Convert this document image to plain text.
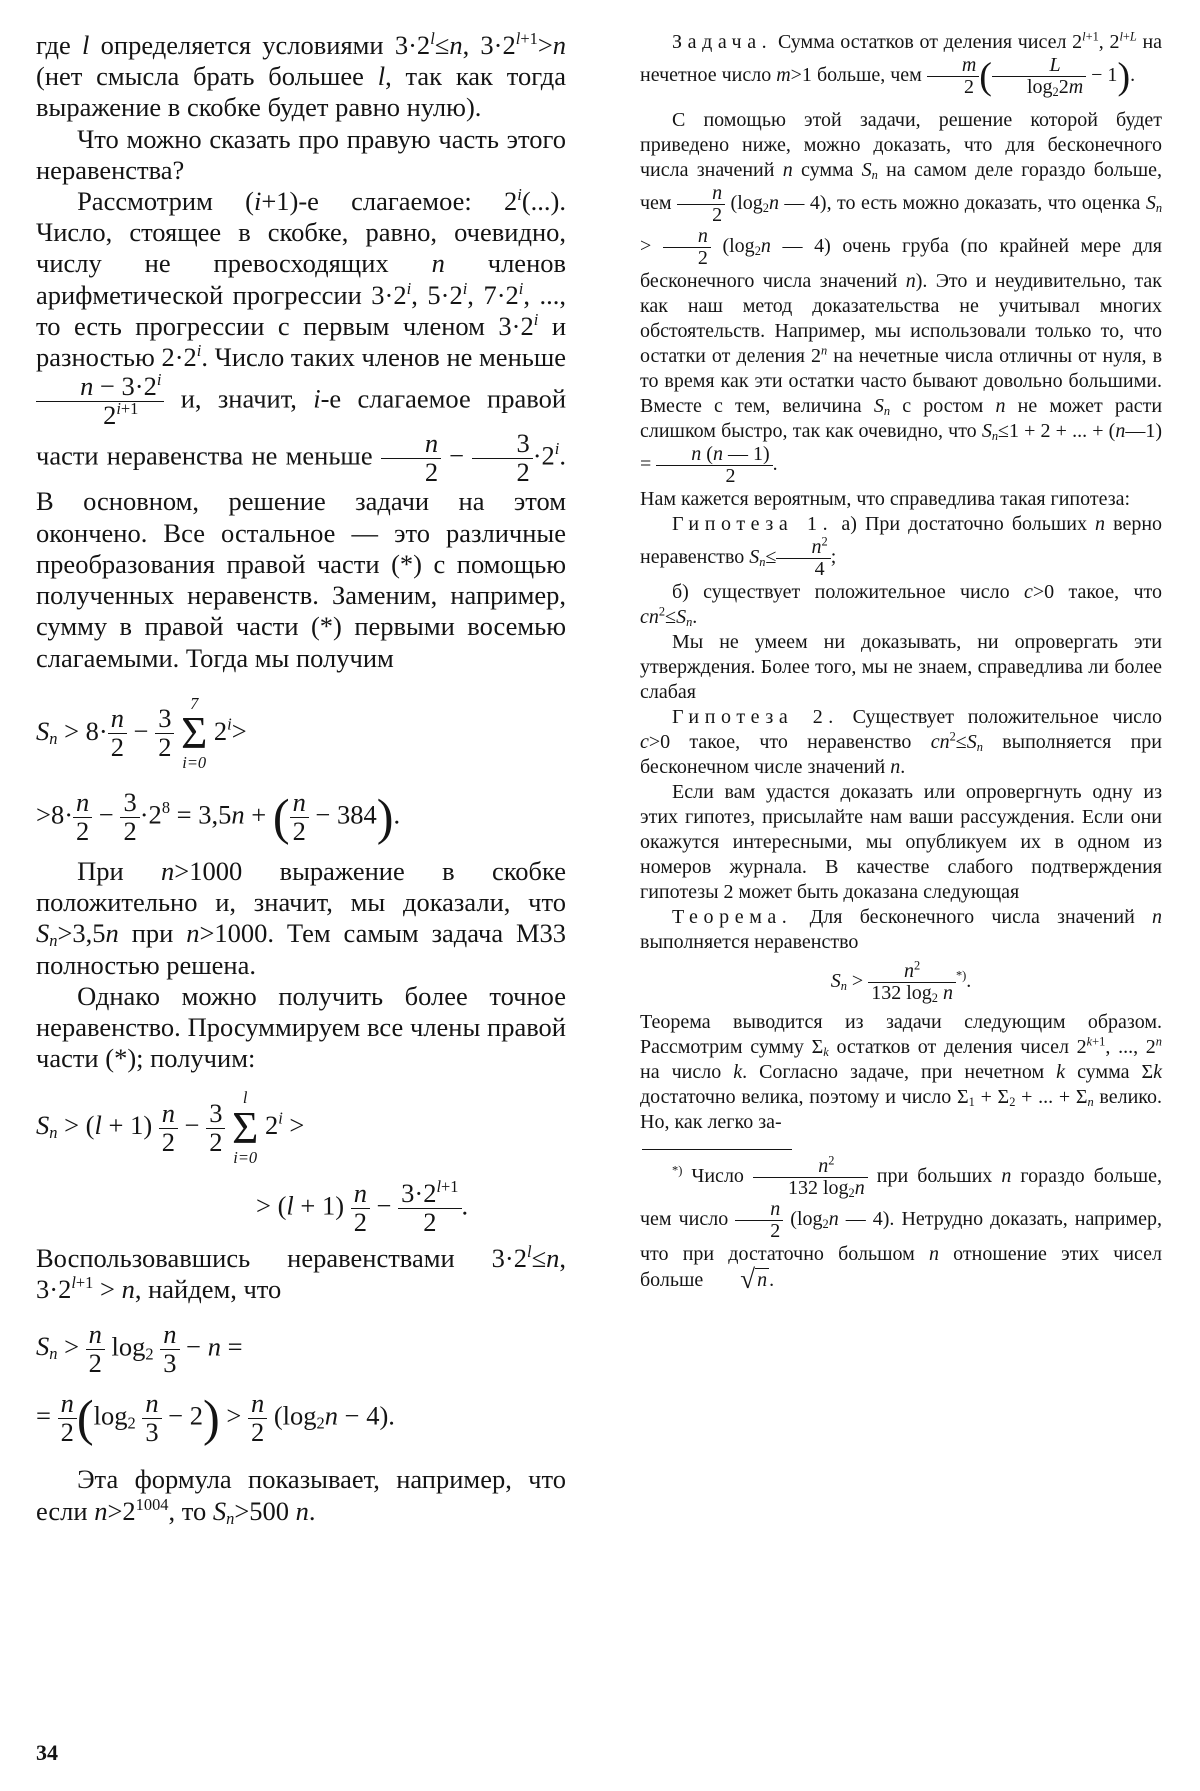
где l определяется условиями $3\cdot 2^l\le n$, $3\cdot 2^{l+1}>n$ (нет смысла брать большее l, так как тогда выражение в скобке будет равно нулю).

Что можно сказать про правую часть этого неравенства?

Рассмотрим (i+1)-е слагаемое: 2$^i$(...). Число, стоящее в скобке, равно, очевидно, числу не превосходящих n членов арифметической прогрессии $3\cdot 2^i$, $5\cdot 2^i$, $7\cdot 2^i$, ..., то есть прогрессии с первым членом $3\cdot 2^i$ и разностью $2\cdot 2^i$. Число таких членов не меньше
$\frac{n - 3\cdot 2^i}{2^{i+1}} и$, значит, i-е слагаемое правой части неравенства не меньше $\frac{n}{2} - \frac{3}{2} \cdot 2^i$. В основном, решение задачи на этом окончено. Все остальное — это различные преобразования правой части (*) с помощью полученных неравенств. Заменим, например, сумму в правой части (*) первыми восемью слагаемыми. Тогда мы получим

$S_n > 8\cdot \frac{n}{2} - \frac{3}{2}$

7
Σ
i=0
$2^i>$
$>8\cdot \frac{n}{2} - \frac{3}{2} \cdot 2^8 = 3,5n$ + ( $\frac{n}{2} - 384$).

При n>1000 выражение в скобке положительно и, значит, мы доказали, что $S_n>3,5n$ при n>1000. Тем самым задача М33 полностью решена.

Однако можно получить более точное неравенство. Просуммируем все члены правой части (*); получим:

$S_n > (l + 1) \frac{n}{2} - \frac{3}{2}$

l
Σ
i=0
$2^i$ >
> $(l + 1) \frac{n}{2} - \frac{3\cdot 2^{l+1}}{2}$ .

Воспользовавшись неравенствами $3\cdot 2^l\le n$, $3\cdot 2^{l+1} > n$, найдем, что

$S_n > \frac{n}{2} \log_2 \frac{n}{3} - n$ =
= $\frac{n}{2} (\log_2 \frac{n}{3} - 2) > \frac{n}{2} (\log_2n - 4)$.

Эта формула показывает, например, что если $n>2^{1004}$, то $S_n>500$ n.

Задача. Сумма остатков от деления чисел $2^{l+1}$, $2^{l+L}$ на нечетное число m>1 больше, чем $\frac{m}{2}$ ( $\frac{L}{\log_22m} - 1$).

С помощью этой задачи, решение которой будет приведено ниже, можно доказать, что для бесконечного числа значений n сумма $S_n$ на самом деле гораздо больше, чем $\frac{n}{2} (\log_2n$ — 4), то есть можно доказать, что оценка $S_n > \frac{n}{2} (\log_2n$ — 4) очень груба (по крайней мере для бесконечного числа значений n). Это и неудивительно, так как наш метод доказательства не учитывал многих обстоятельств. Например, мы использовали только то, что остатки от деления 2$^n$ на нечетные числа отличны от нуля, в то время как эти остатки часто бывают довольно большими. Вместе с тем, величина $S_n$ с ростом n не может расти слишком быстро, так как очевидно, что $S_n\le 1 + 2$ + ... + (n—1) = $\frac{n (n — 1)}{2}$ .

Нам кажется вероятным, что справедлива такая гипотеза:

Гипотеза 1. а) При достаточно больших n верно неравенство $S_n\le \frac{n^2}{4}$ ;

б) существует положительное число c>0 такое, что $cn^2\le S_n$.

Мы не умеем ни доказывать, ни опровергать эти утверждения. Более того, мы не знаем, справедлива ли более слабая

Гипотеза 2. Существует положительное число c>0 такое, что неравенство $cn^2\le S_n$ выполняется при бесконечном числе значений n.

Если вам удастся доказать или опровергнуть одну из этих гипотез, присылайте нам ваши рассуждения. Если они окажутся интересными, мы опубликуем их в одном из номеров журнала. В качестве слабого подтверждения гипотезы 2 может быть доказана следующая

Теорема. Для бесконечного числа значений n выполняется неравенство

$S_n > \frac{n^2}{132 \log_2 n} ^{*)}$.

Теорема выводится из задачи следующим образом. Рассмотрим сумму $\Sigma_k$ остатков от деления чисел $2^{k+1}$, ..., 2$^n$ на число k. Согласно задаче, при нечетном k сумма Σk достаточно велика, поэтому и число $\Sigma_1 + \Sigma_2$ + ... + $\Sigma_n$ велико. Но, как легко за-

*) Число $\frac{n^2}{132 \log_2n}$ при больших n гораздо больше, чем число $\frac{n}{2} (\log_2n$ — 4). Нетрудно доказать, например, что при достаточно большом n отношение этих чисел больше √ n .

34
